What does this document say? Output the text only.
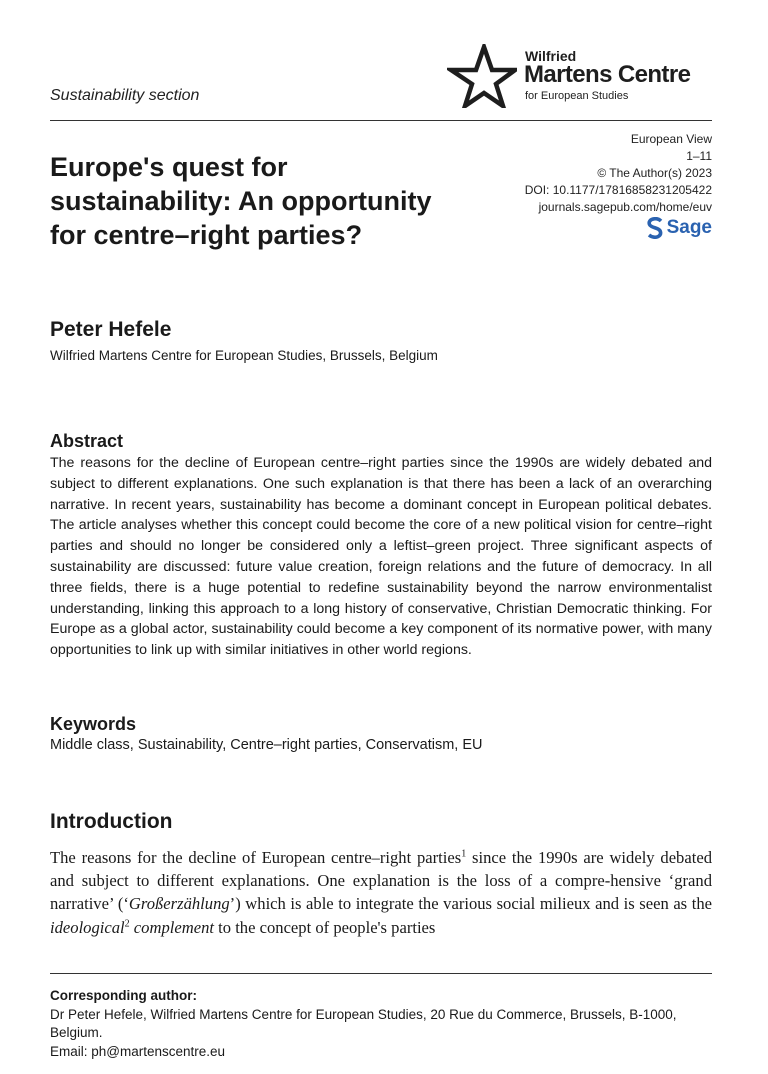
Sustainability section
Wilfried
Martens Centre
for European Studies
European View
1–11
© The Author(s) 2023
DOI: 10.1177/17816858231205422
journals.sagepub.com/home/euv
Sage
Europe's quest for
sustainability: An opportunity
for centre–right parties?
Peter Hefele
Wilfried Martens Centre for European Studies, Brussels, Belgium
Abstract

The reasons for the decline of European centre–right parties since the 1990s are widely debated and subject to different explanations. One such explanation is that there has been a lack of an overarching narrative. In recent years, sustainability has become a dominant concept in European political debates. The article analyses whether this concept could become the core of a new political vision for centre–right parties and should no longer be considered only a leftist–green project. Three significant aspects of sustainability are discussed: future value creation, foreign relations and the future of democracy. In all three fields, there is a huge potential to redefine sustainability beyond the narrow environmentalist understanding, linking this approach to a long history of conservative, Christian Democratic thinking. For Europe as a global actor, sustainability could become a key component of its normative power, with many opportunities to link up with similar initiatives in other world regions.

Keywords
Middle class, Sustainability, Centre–right parties, Conservatism, EU
Introduction

The reasons for the decline of European centre–right parties$^1$ since the 1990s are widely debated and subject to different explanations. One explanation is the loss of a compre-hensive ‘grand narrative’ (‘Großerzählung’) which is able to integrate the various social milieux and is seen as the ideological$^2$ complement to the concept of people's parties

Corresponding author:
Dr Peter Hefele, Wilfried Martens Centre for European Studies, 20 Rue du Commerce, Brussels, B-1000, Belgium.
Email: ph@martenscentre.eu
